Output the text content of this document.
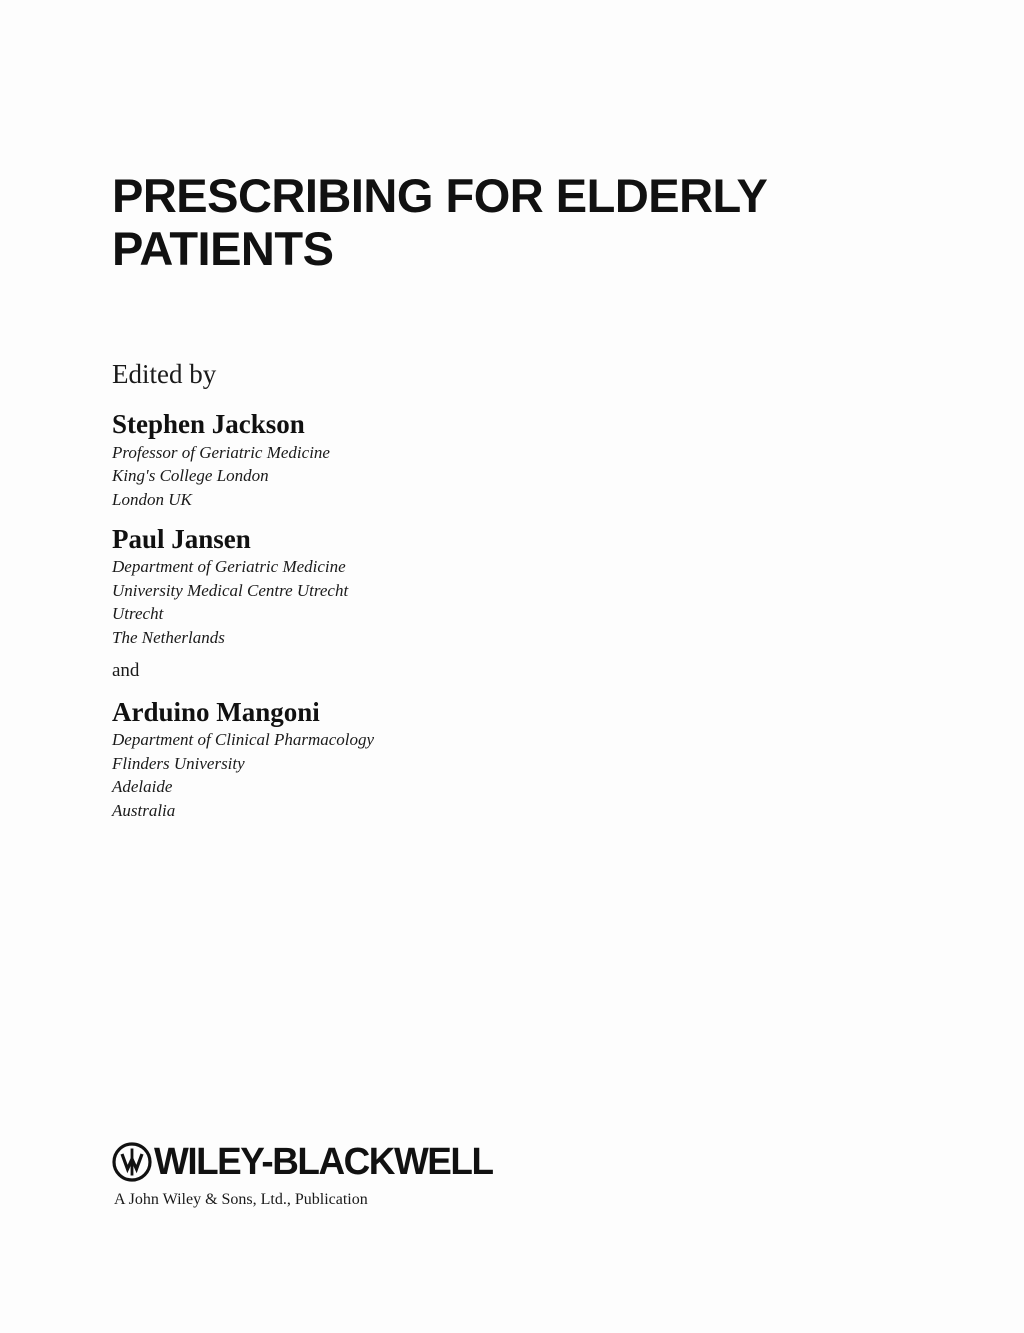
PRESCRIBING FOR ELDERLY PATIENTS
Edited by
Stephen Jackson
Professor of Geriatric Medicine
King's College London
London UK
Paul Jansen
Department of Geriatric Medicine
University Medical Centre Utrecht
Utrecht
The Netherlands
and
Arduino Mangoni
Department of Clinical Pharmacology
Flinders University
Adelaide
Australia
WILEY-BLACKWELL
A John Wiley & Sons, Ltd., Publication
